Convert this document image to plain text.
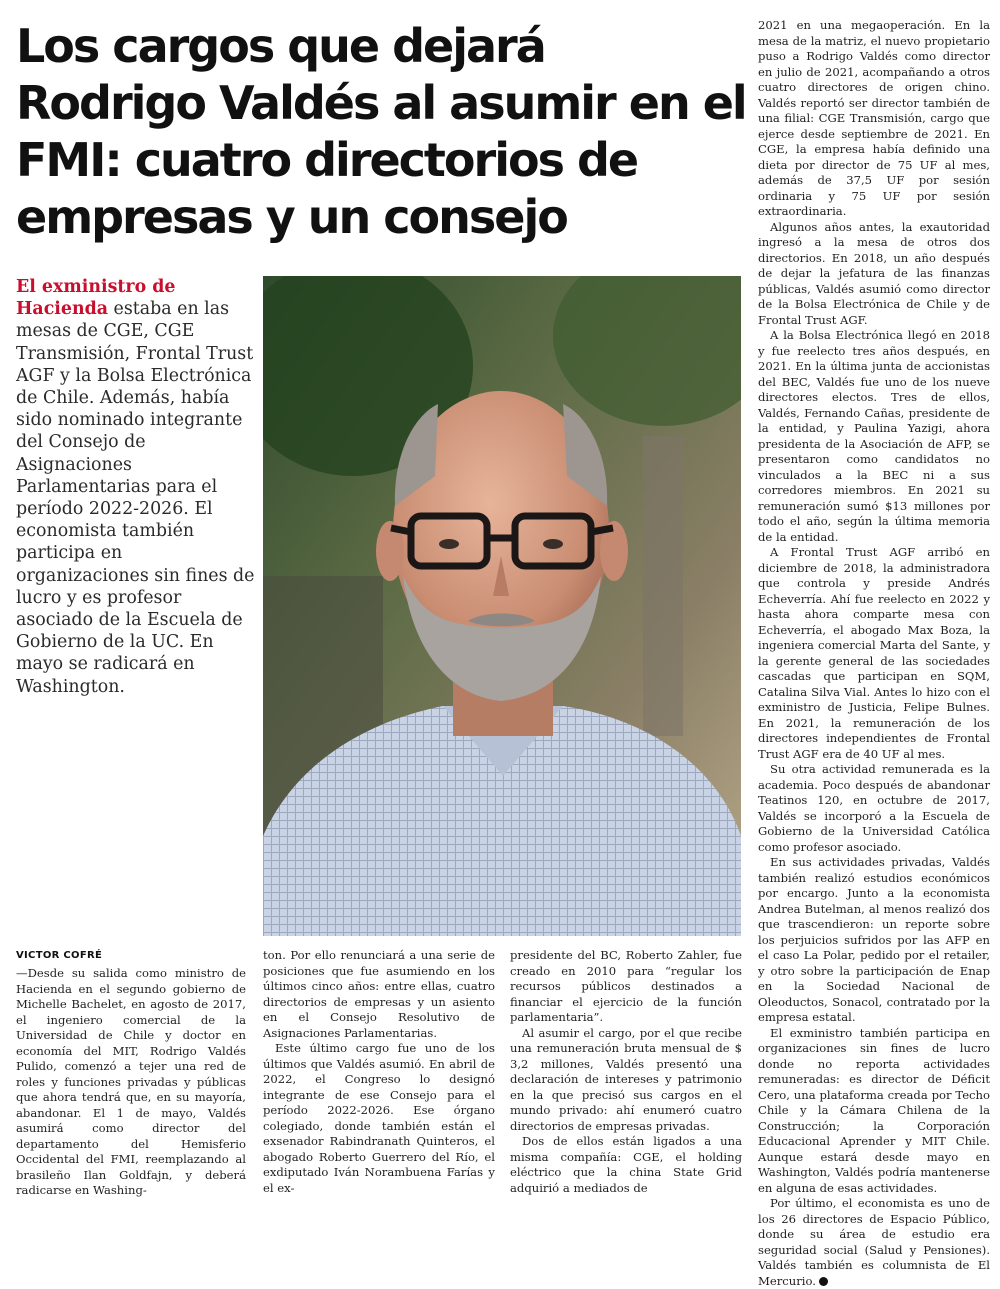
Los cargos que dejará Rodrigo Valdés al asumir en el FMI: cuatro directorios de empresas y un consejo
El exministro de Hacienda estaba en las mesas de CGE, CGE Transmisión, Frontal Trust AGF y la Bolsa Electrónica de Chile. Además, había sido nominado integrante del Consejo de Asignaciones Parlamentarias para el período 2022-2026. El economista también participa en organizaciones sin fines de lucro y es profesor asociado de la Escuela de Gobierno de la UC. En mayo se radicará en Washington.
VICTOR COFRÉ

—Desde su salida como ministro de Hacienda en el segundo gobierno de Michelle Bachelet, en agosto de 2017, el ingeniero comercial de la Universidad de Chile y doctor en economía del MIT, Rodrigo Valdés Pulido, comenzó a tejer una red de roles y funciones privadas y públicas que ahora tendrá que, en su mayoría, abandonar. El 1 de mayo, Valdés asumirá como director del departamento del Hemisferio Occidental del FMI, reemplazando al brasileño Ilan Goldfajn, y deberá radicarse en Washing-

ton. Por ello renunciará a una serie de posiciones que fue asumiendo en los últimos cinco años: entre ellas, cuatro directorios de empresas y un asiento en el Consejo Resolutivo de Asignaciones Parlamentarias.

Este último cargo fue uno de los últimos que Valdés asumió. En abril de 2022, el Congreso lo designó integrante de ese Consejo para el período 2022-2026. Ese órgano colegiado, donde también están el exsenador Rabindranath Quinteros, el abogado Roberto Guerrero del Río, el exdiputado Iván Norambuena Farías y el ex-

presidente del BC, Roberto Zahler, fue creado en 2010 para “regular los recursos públicos destinados a financiar el ejercicio de la función parlamentaria”.

Al asumir el cargo, por el que recibe una remuneración bruta mensual de $ 3,2 millones, Valdés presentó una declaración de intereses y patrimonio en la que precisó sus cargos en el mundo privado: ahí enumeró cuatro directorios de empresas privadas.

Dos de ellos están ligados a una misma compañía: CGE, el holding eléctrico que la china State Grid adquirió a mediados de

2021 en una megaoperación. En la mesa de la matriz, el nuevo propietario puso a Rodrigo Valdés como director en julio de 2021, acompañando a otros cuatro directores de origen chino. Valdés reportó ser director también de una filial: CGE Transmisión, cargo que ejerce desde septiembre de 2021. En CGE, la empresa había definido una dieta por director de 75 UF al mes, además de 37,5 UF por sesión ordinaria y 75 UF por sesión extraordinaria.

Algunos años antes, la exautoridad ingresó a la mesa de otros dos directorios. En 2018, un año después de dejar la jefatura de las finanzas públicas, Valdés asumió como director de la Bolsa Electrónica de Chile y de Frontal Trust AGF.

A la Bolsa Electrónica llegó en 2018 y fue reelecto tres años después, en 2021. En la última junta de accionistas del BEC, Valdés fue uno de los nueve directores electos. Tres de ellos, Valdés, Fernando Cañas, presidente de la entidad, y Paulina Yazigi, ahora presidenta de la Asociación de AFP, se presentaron como candidatos no vinculados a la BEC ni a sus corredores miembros. En 2021 su remuneración sumó $13 millones por todo el año, según la última memoria de la entidad.

A Frontal Trust AGF arribó en diciembre de 2018, la administradora que controla y preside Andrés Echeverría. Ahí fue reelecto en 2022 y hasta ahora comparte mesa con Echeverría, el abogado Max Boza, la ingeniera comercial Marta del Sante, y la gerente general de las sociedades cascadas que participan en SQM, Catalina Silva Vial. Antes lo hizo con el exministro de Justicia, Felipe Bulnes. En 2021, la remuneración de los directores independientes de Frontal Trust AGF era de 40 UF al mes.

Su otra actividad remunerada es la academia. Poco después de abandonar Teatinos 120, en octubre de 2017, Valdés se incorporó a la Escuela de Gobierno de la Universidad Católica como profesor asociado.

En sus actividades privadas, Valdés también realizó estudios económicos por encargo. Junto a la economista Andrea Butelman, al menos realizó dos que trascendieron: un reporte sobre los perjuicios sufridos por las AFP en el caso La Polar, pedido por el retailer, y otro sobre la participación de Enap en la Sociedad Nacional de Oleoductos, Sonacol, contratado por la empresa estatal.

El exministro también participa en organizaciones sin fines de lucro donde no reporta actividades remuneradas: es director de Déficit Cero, una plataforma creada por Techo Chile y la Cámara Chilena de la Construcción; la Corporación Educacional Aprender y MIT Chile. Aunque estará desde mayo en Washington, Valdés podría mantenerse en alguna de esas actividades.

Por último, el economista es uno de los 26 directores de Espacio Público, donde su área de estudio era seguridad social (Salud y Pensiones). Valdés también es columnista de El Mercurio.
